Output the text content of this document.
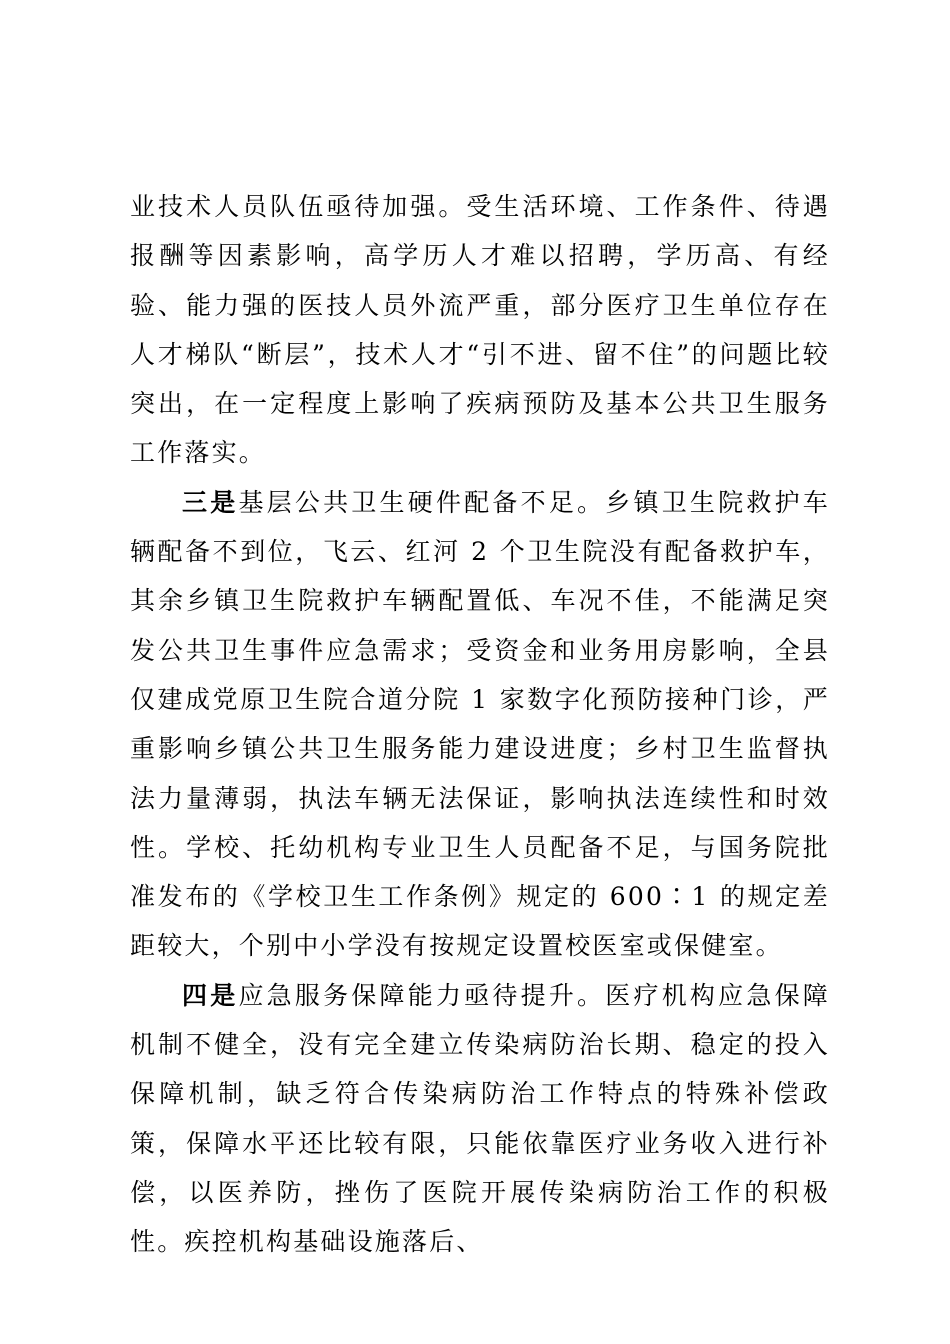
业技术人员队伍亟待加强。受生活环境、工作条件、待遇报酬等因素影响，高学历人才难以招聘，学历高、有经验、能力强的医技人员外流严重，部分医疗卫生单位存在人才梯队“断层”，技术人才“引不进、留不住”的问题比较突出，在一定程度上影响了疾病预防及基本公共卫生服务工作落实。

三是基层公共卫生硬件配备不足。乡镇卫生院救护车辆配备不到位，飞云、红河 2 个卫生院没有配备救护车，其余乡镇卫生院救护车辆配置低、车况不佳，不能满足突发公共卫生事件应急需求；受资金和业务用房影响，全县仅建成党原卫生院合道分院 1 家数字化预防接种门诊，严重影响乡镇公共卫生服务能力建设进度；乡村卫生监督执法力量薄弱，执法车辆无法保证，影响执法连续性和时效性。学校、托幼机构专业卫生人员配备不足，与国务院批准发布的《学校卫生工作条例》规定的 600∶1 的规定差距较大，个别中小学没有按规定设置校医室或保健室。

四是应急服务保障能力亟待提升。医疗机构应急保障机制不健全，没有完全建立传染病防治长期、稳定的投入保障机制，缺乏符合传染病防治工作特点的特殊补偿政策，保障水平还比较有限，只能依靠医疗业务收入进行补偿，以医养防，挫伤了医院开展传染病防治工作的积极性。疾控机构基础设施落后、
